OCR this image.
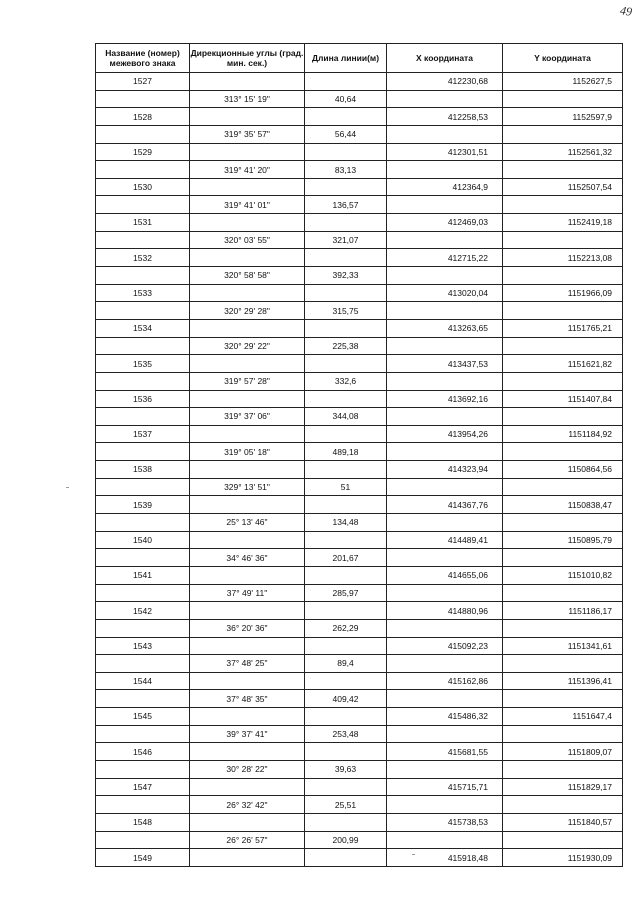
49
Название (номер) межевого знака	Дирекционные углы (град. мин. сек.)	Длина линии(м)	X координата	Y координата
1527			412230,68	1152627,5
	313° 15' 19"	40,64		
1528			412258,53	1152597,9
	319° 35' 57"	56,44		
1529			412301,51	1152561,32
	319° 41' 20"	83,13		
1530			412364,9	1152507,54
	319° 41' 01"	136,57		
1531			412469,03	1152419,18
	320° 03' 55"	321,07		
1532			412715,22	1152213,08
	320° 58' 58"	392,33		
1533			413020,04	1151966,09
	320° 29' 28"	315,75		
1534			413263,65	1151765,21
	320° 29' 22"	225,38		
1535			413437,53	1151621,82
	319° 57' 28"	332,6		
1536			413692,16	1151407,84
	319° 37' 06"	344,08		
1537			413954,26	1151184,92
	319° 05' 18"	489,18		
1538			414323,94	1150864,56
	329° 13' 51"	51		
1539			414367,76	1150838,47
	25° 13' 46"	134,48		
1540			414489,41	1150895,79
	34° 46' 36"	201,67		
1541			414655,06	1151010,82
	37° 49' 11"	285,97		
1542			414880,96	1151186,17
	36° 20' 36"	262,29		
1543			415092,23	1151341,61
	37° 48' 25"	89,4		
1544			415162,86	1151396,41
	37° 48' 35"	409,42		
1545			415486,32	1151647,4
	39° 37' 41"	253,48		
1546			415681,55	1151809,07
	30° 28' 22"	39,63		
1547			415715,71	1151829,17
	26° 32' 42"	25,51		
1548			415738,53	1151840,57
	26° 26' 57"	200,99		
1549			415918,48	1151930,09
